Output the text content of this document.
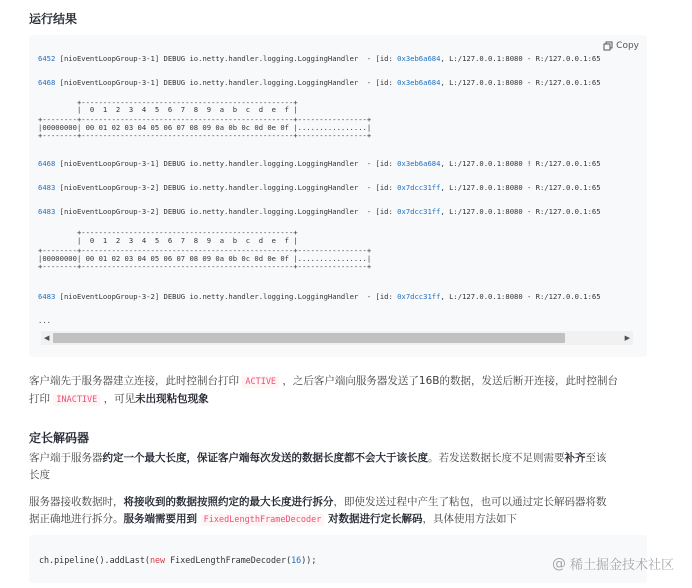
运行结果
Copy
6452 [nioEventLoopGroup-3-1] DEBUG io.netty.handler.logging.LoggingHandler  - [id: 0x3eb6a684, L:/127.0.0.1:8080 - R:/127.0.0.1:65
6468 [nioEventLoopGroup-3-1] DEBUG io.netty.handler.logging.LoggingHandler  - [id: 0x3eb6a684, L:/127.0.0.1:8080 - R:/127.0.0.1:65
+-------------------------------------------------+
|  0  1  2  3  4  5  6  7  8  9  a  b  c  d  e  f |
+--------+-------------------------------------------------+----------------+
|00000000| 00 01 02 03 04 05 06 07 08 09 0a 0b 0c 0d 0e 0f |................|
+--------+-------------------------------------------------+----------------+
6468 [nioEventLoopGroup-3-1] DEBUG io.netty.handler.logging.LoggingHandler  - [id: 0x3eb6a684, L:/127.0.0.1:8080 ! R:/127.0.0.1:65
6483 [nioEventLoopGroup-3-2] DEBUG io.netty.handler.logging.LoggingHandler  - [id: 0x7dcc31ff, L:/127.0.0.1:8080 - R:/127.0.0.1:65
6483 [nioEventLoopGroup-3-2] DEBUG io.netty.handler.logging.LoggingHandler  - [id: 0x7dcc31ff, L:/127.0.0.1:8080 - R:/127.0.0.1:65
+-------------------------------------------------+
|  0  1  2  3  4  5  6  7  8  9  a  b  c  d  e  f |
+--------+-------------------------------------------------+----------------+
|00000000| 00 01 02 03 04 05 06 07 08 09 0a 0b 0c 0d 0e 0f |................|
+--------+-------------------------------------------------+----------------+
6483 [nioEventLoopGroup-3-2] DEBUG io.netty.handler.logging.LoggingHandler  - [id: 0x7dcc31ff, L:/127.0.0.1:8080 - R:/127.0.0.1:65
...
◀	▶
客户端先于服务器建立连接，此时控制台打印 ACTIVE ，之后客户端向服务器发送了16B的数据，发送后断开连接，此时控制台
打印 INACTIVE ，可见未出现粘包现象
定长解码器
客户端于服务器约定一个最大长度，保证客户端每次发送的数据长度都不会大于该长度。若发送数据长度不足则需要补齐至该
长度
服务器接收数据时，将接收到的数据按照约定的最大长度进行拆分，即使发送过程中产生了粘包，也可以通过定长解码器将数
据正确地进行拆分。服务端需要用到 FixedLengthFrameDecoder 对数据进行定长解码，具体使用方法如下
ch.pipeline().addLast(new FixedLengthFrameDecoder(16));	@ 稀土掘金技术社区
